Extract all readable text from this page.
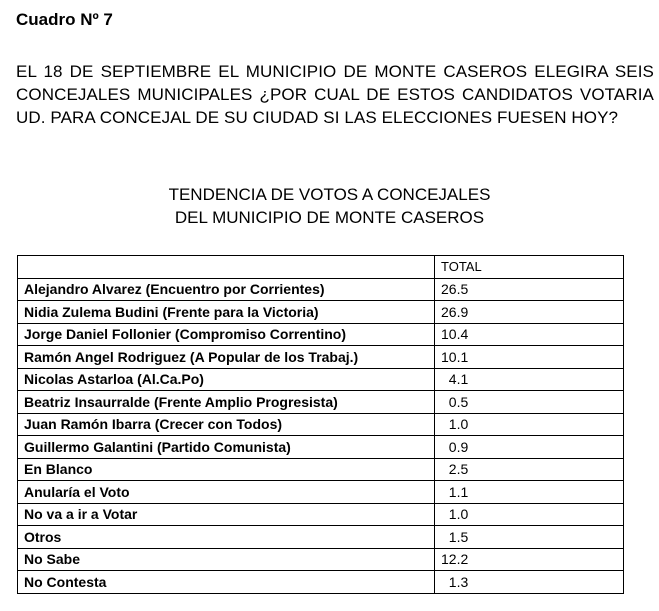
Cuadro Nº 7

EL 18 DE SEPTIEMBRE EL MUNICIPIO DE MONTE CASEROS ELEGIRA SEIS CONCEJALES MUNICIPALES ¿POR CUAL DE ESTOS CANDIDATOS VOTARIA UD. PARA CONCEJAL DE SU CIUDAD SI LAS ELECCIONES FUESEN HOY?

TENDENCIA DE VOTOS A CONCEJALES
DEL MUNICIPIO DE MONTE CASEROS
	TOTAL
Alejandro Alvarez (Encuentro por Corrientes)	26.5
Nidia Zulema Budini (Frente para la Victoria)	26.9
Jorge Daniel Follonier (Compromiso Correntino)	10.4
Ramón Angel Rodriguez (A Popular de los Trabaj.)	10.1
Nicolas Astarloa (Al.Ca.Po)	4.1
Beatriz Insaurralde (Frente Amplio Progresista)	0.5
Juan Ramón Ibarra (Crecer con Todos)	1.0
Guillermo Galantini (Partido Comunista)	0.9
En Blanco	2.5
Anularía el Voto	1.1
No va a ir a Votar	1.0
Otros	1.5
No Sabe	12.2
No Contesta	1.3
